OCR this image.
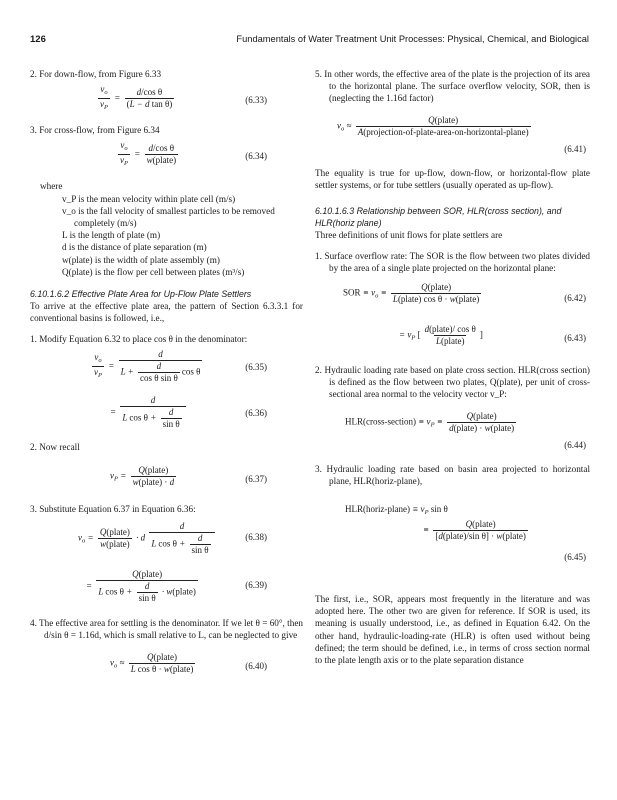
126	Fundamentals of Water Treatment Unit Processes: Physical, Chemical, and Biological

2. For down-flow, from Figure 6.33

$\frac{v_o}{v_P} = \frac{\text{d/cos θ}}{\text{(L − d tan θ)}}$	(6.33)

3. For cross-flow, from Figure 6.34

$\frac{v_o}{v_P} = \frac{\text{d/cos θ}}{\text{w(plate)}}$	(6.34)
where
v_P is the mean velocity within plate cell (m/s)
v_o is the fall velocity of smallest particles to be removed completely (m/s)
L is the length of plate (m)
d is the distance of plate separation (m)
w(plate) is the width of plate assembly (m)
Q(plate) is the flow per cell between plates (m³/s)

6.10.1.6.2 Effective Plate Area for Up-Flow Plate Settlers

To arrive at the effective plate area, the pattern of Section 6.3.3.1 for conventional basins is followed, i.e.,

1. Modify Equation 6.32 to place cos θ in the denominator:

$\frac{v_o}{v_P} = \frac{d}{L + \frac{d}{\text{cos θ sin θ}} \cos \theta}$	(6.35)
= $\frac{d}{L \cos \theta + \frac{d}{\text{sin θ}}}$	(6.36)

2. Now recall

$v_P = \frac{\text{Q(plate)}}{\text{w(plate) · d}}$	(6.37)

3. Substitute Equation 6.37 in Equation 6.36:

$v_o = \frac{\text{Q(plate)}}{\text{w(plate)}} \cdot d \frac{d}{L \cos \theta + \frac{d}{\text{sin θ}}}$	(6.38)
= $\frac{\text{Q(plate)}}{L \cos \theta + \frac{d}{\text{sin θ}} \cdot w(plate)}$	(6.39)

4. The effective area for settling is the denominator. If we let θ = 60°, then d/sin θ = 1.16d, which is small relative to L, can be neglected to give

$v_o \approx \frac{\text{Q(plate)}}{\text{L cos θ · w(plate)}}$	(6.40)

5. In other words, the effective area of the plate is the projection of its area to the horizontal plane. The surface overflow velocity, SOR, then is (neglecting the 1.16d factor)

$v_o \approx \frac{\text{Q(plate)}}{\text{A(projection-of-plate-area-on-horizontal-plane)}}$
(6.41)

The equality is true for up-flow, down-flow, or horizontal-flow plate settler systems, or for tube settlers (usually operated as up-flow).

6.10.1.6.3 Relationship between SOR, HLR(cross section), and HLR(horiz plane)

Three definitions of unit flows for plate settlers are

1. Surface overflow rate: The SOR is the flow between two plates divided by the area of a single plate projected on the horizontal plane:

SOR ≡ $v_o \equiv \frac{\text{Q(plate)}}{\text{L(plate) cos θ · w(plate)}}$	(6.42)
= $v_P$ [ $\frac{\text{d(plate)/ cos θ}}{\text{L(plate)}}$ ]	(6.43)

2. Hydraulic loading rate based on plate cross section. HLR(cross section) is defined as the flow between two plates, Q(plate), per unit of cross-sectional area normal to the velocity vector v_P:

HLR(cross-section) ≡ $v_P \equiv \frac{\text{Q(plate)}}{\text{d(plate) · w(plate)}}$
(6.44)

3. Hydraulic loading rate based on basin area projected to horizontal plane, HLR(horiz-plane),

HLR(horiz-plane) ≡ $v_P$ sin θ
≡ $\frac{\text{Q(plate)}}{\text{[d(plate)/sin θ] · w(plate)}}$
(6.45)

The first, i.e., SOR, appears most frequently in the literature and was adopted here. The other two are given for reference. If SOR is used, its meaning is usually understood, i.e., as defined in Equation 6.42. On the other hand, hydraulic-loading-rate (HLR) is often used without being defined; the term should be defined, i.e., in terms of cross section normal to the plate length axis or to the plate separation distance
